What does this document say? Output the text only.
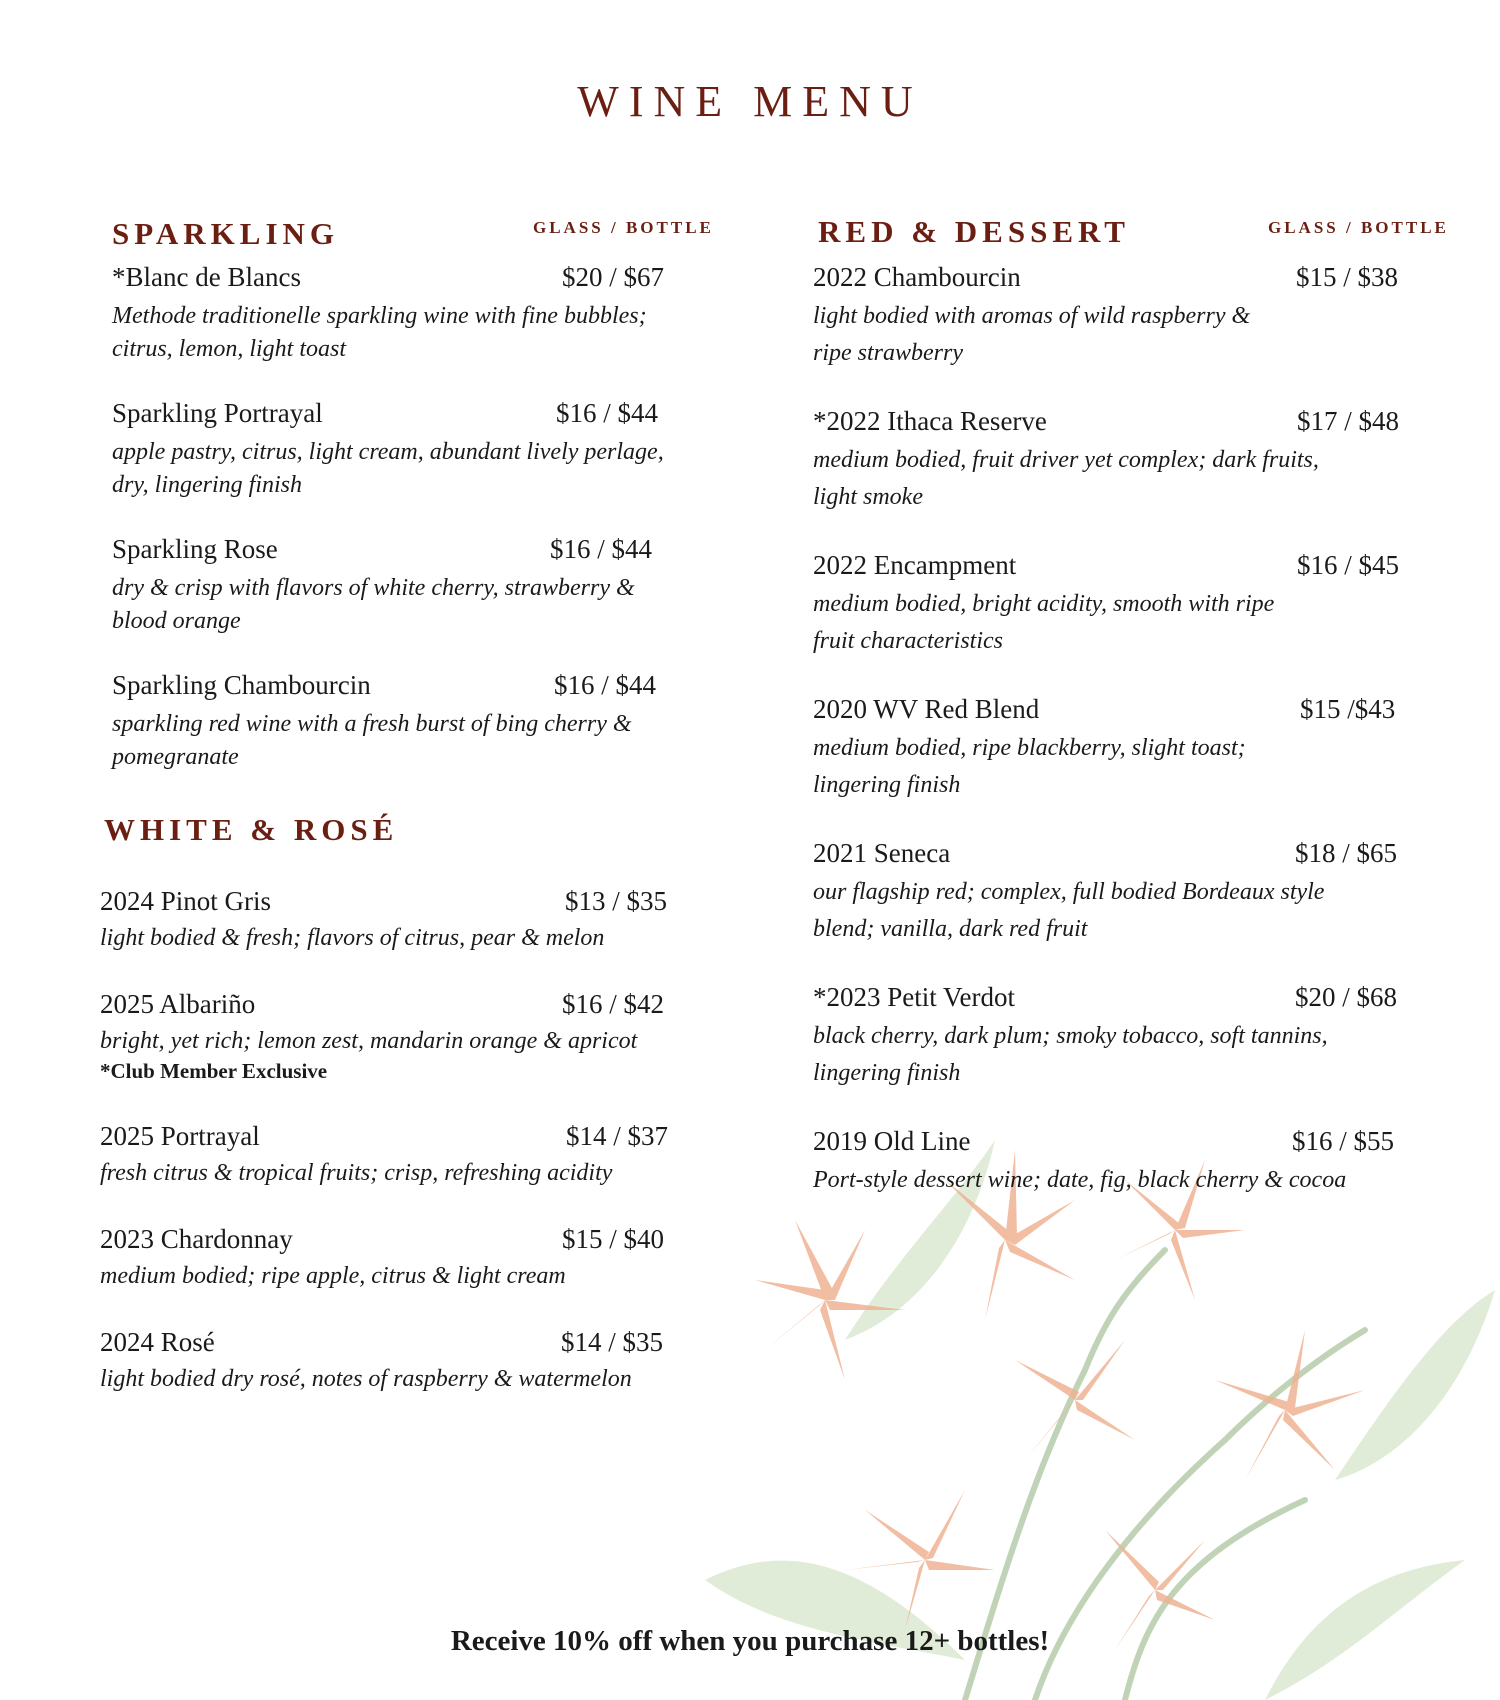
WINE MENU
SPARKLING	GLASS / BOTTLE
*Blanc de Blancs	$20 / $67
Methode traditionelle sparkling wine with fine bubbles;
citrus, lemon, light toast
Sparkling Portrayal	$16 / $44
apple pastry, citrus, light cream, abundant lively perlage,
dry, lingering finish
Sparkling Rose	$16 / $44
dry & crisp with flavors of white cherry, strawberry &
blood orange
Sparkling Chambourcin	$16 / $44
sparkling red wine with a fresh burst of bing cherry &
pomegranate
WHITE & ROSÉ
2024 Pinot Gris	$13 / $35
light bodied & fresh; flavors of citrus, pear & melon
2025 Albariño	$16 / $42
bright, yet rich; lemon zest, mandarin orange & apricot
*Club Member Exclusive
2025 Portrayal	$14 / $37
fresh citrus & tropical fruits; crisp, refreshing acidity
2023 Chardonnay	$15 / $40
medium bodied; ripe apple, citrus & light cream
2024 Rosé	$14 / $35
light bodied dry rosé, notes of raspberry & watermelon
RED & DESSERT	GLASS / BOTTLE
2022 Chambourcin	$15 / $38
light bodied with aromas of wild raspberry &
ripe strawberry
*2022 Ithaca Reserve	$17 / $48
medium bodied, fruit driver yet complex; dark fruits,
light smoke
2022 Encampment	$16 / $45
medium bodied, bright acidity, smooth with ripe
fruit characteristics
2020 WV Red Blend	$15 /$43
medium bodied, ripe blackberry, slight toast;
lingering finish
2021 Seneca	$18 / $65
our flagship red; complex, full bodied Bordeaux style
blend; vanilla, dark red fruit
*2023 Petit Verdot	$20 / $68
black cherry, dark plum; smoky tobacco, soft tannins,
lingering finish
2019 Old Line	$16 / $55
Port-style dessert wine; date, fig, black cherry & cocoa
Receive 10% off when you purchase 12+ bottles!
